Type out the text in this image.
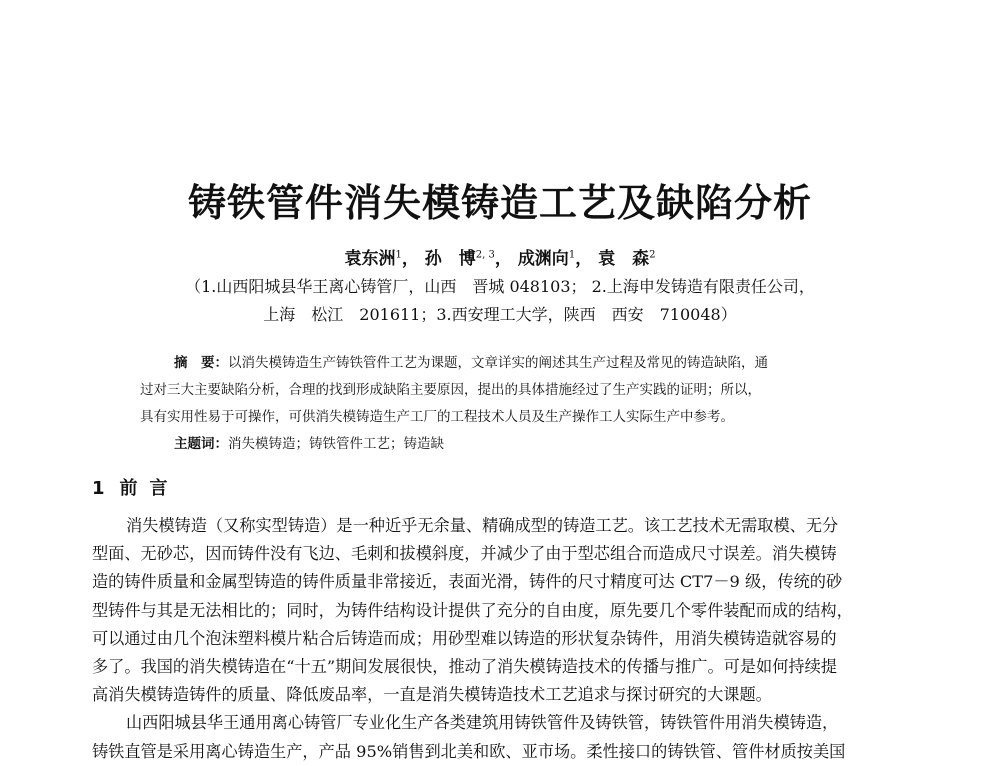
铸铁管件消失模铸造工艺及缺陷分析
袁东洲$^1$， 孙　博$^{2, 3}$， 成渊向$^1$， 袁　森$^2$
（1.山西阳城县华王离心铸管厂，山西　晋城 048103； 2.上海申发铸造有限责任公司，
上海　松江　201611；3.西安理工大学，陕西　西安　710048）
摘　要：以消失模铸造生产铸铁管件工艺为课题，文章详实的阐述其生产过程及常见的铸造缺陷，通
过对三大主要缺陷分析，合理的找到形成缺陷主要原因，提出的具体措施经过了生产实践的证明；所以，
具有实用性易于可操作，可供消失模铸造生产工厂的工程技术人员及生产操作工人实际生产中参考。
主题词：消失模铸造；铸铁管件工艺；铸造缺
1 前言
消失模铸造（又称实型铸造）是一种近乎无余量、精确成型的铸造工艺。该工艺技术无需取模、无分
型面、无砂芯，因而铸件没有飞边、毛刺和拔模斜度，并减少了由于型芯组合而造成尺寸误差。消失模铸
造的铸件质量和金属型铸造的铸件质量非常接近，表面光滑，铸件的尺寸精度可达 CT7－9 级，传统的砂
型铸件与其是无法相比的；同时，为铸件结构设计提供了充分的自由度，原先要几个零件装配而成的结构，
可以通过由几个泡沫塑料模片粘合后铸造而成；用砂型难以铸造的形状复杂铸件，用消失模铸造就容易的
多了。我国的消失模铸造在“十五”期间发展很快，推动了消失模铸造技术的传播与推广。可是如何持续提
高消失模铸造铸件的质量、降低废品率，一直是消失模铸造技术工艺追求与探讨研究的大课题。
山西阳城县华王通用离心铸管厂专业化生产各类建筑用铸铁管件及铸铁管，铸铁管件用消失模铸造，
铸铁直管是采用离心铸造生产，产品 95%销售到北美和欧、亚市场。柔性接口的铸铁管、管件材质按美国
